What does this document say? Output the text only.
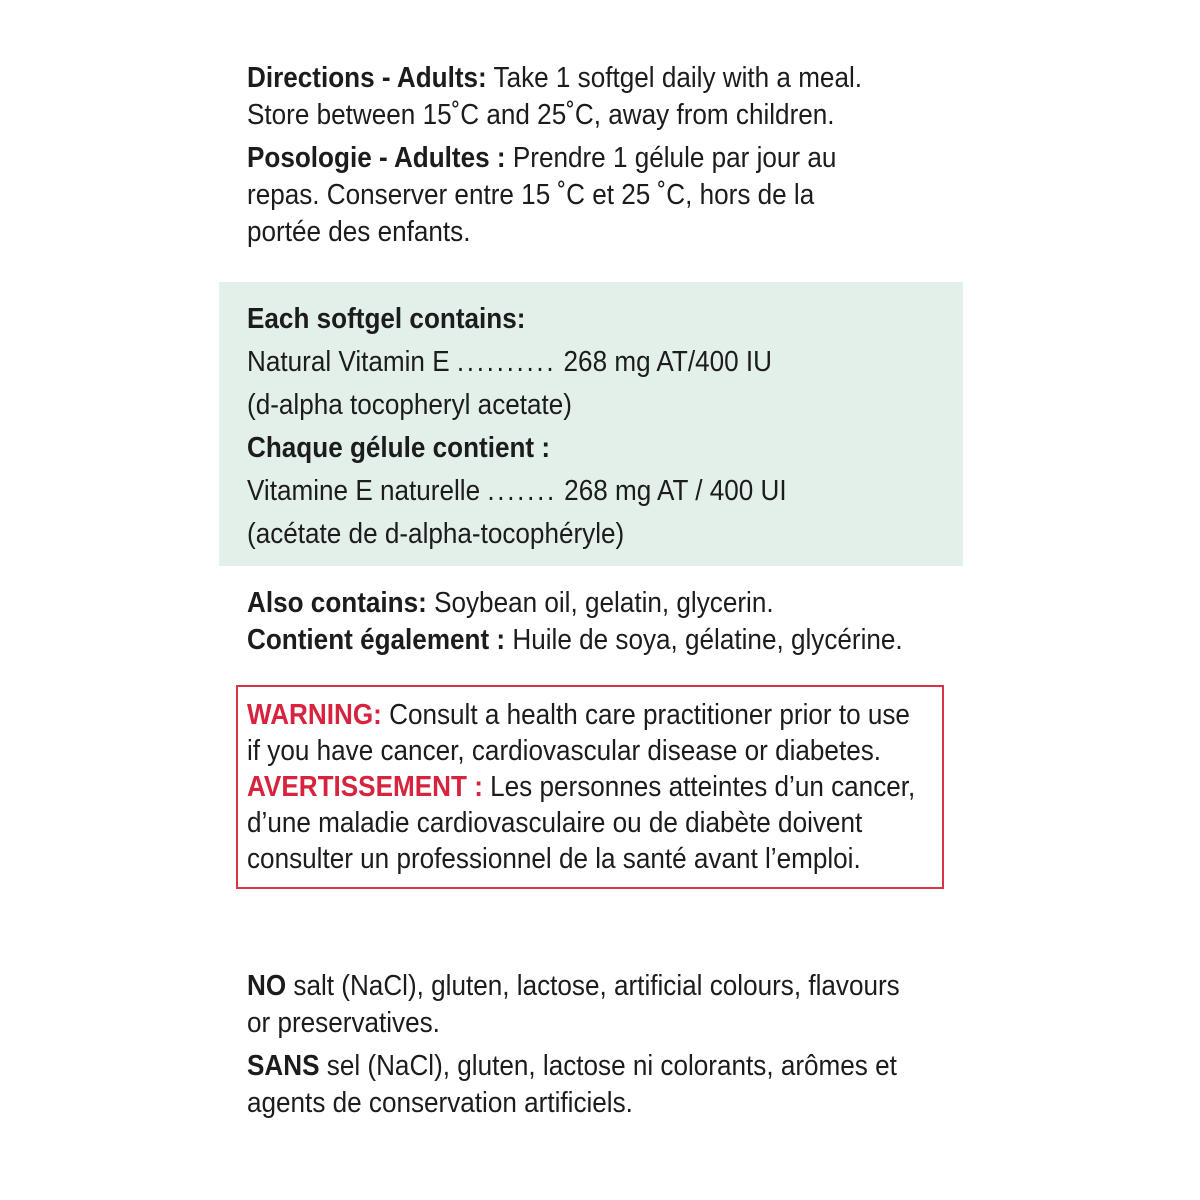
Directions - Adults: Take 1 softgel daily with a meal.
Store between 15˚C and 25˚C, away from children.

Posologie - Adultes : Prendre 1 gélule par jour au
repas. Conserver entre 15 ˚C et 25 ˚C, hors de la
portée des enfants.

Each softgel contains:
Natural Vitamin E .......... 268 mg AT/400 IU
(d-alpha tocopheryl acetate)
Chaque gélule contient :
Vitamine E naturelle ....... 268 mg AT / 400 UI
(acétate de d-alpha-tocophéryle)

Also contains: Soybean oil, gelatin, glycerin.

Contient également : Huile de soya, gélatine, glycérine.

WARNING: Consult a health care practitioner prior to use
if you have cancer, cardiovascular disease or diabetes.

AVERTISSEMENT : Les personnes atteintes d’un cancer,
d’une maladie cardiovasculaire ou de diabète doivent
consulter un professionnel de la santé avant l’emploi.

NO salt (NaCl), gluten, lactose, artificial colours, flavours
or preservatives.

SANS sel (NaCl), gluten, lactose ni colorants, arômes et
agents de conservation artificiels.
